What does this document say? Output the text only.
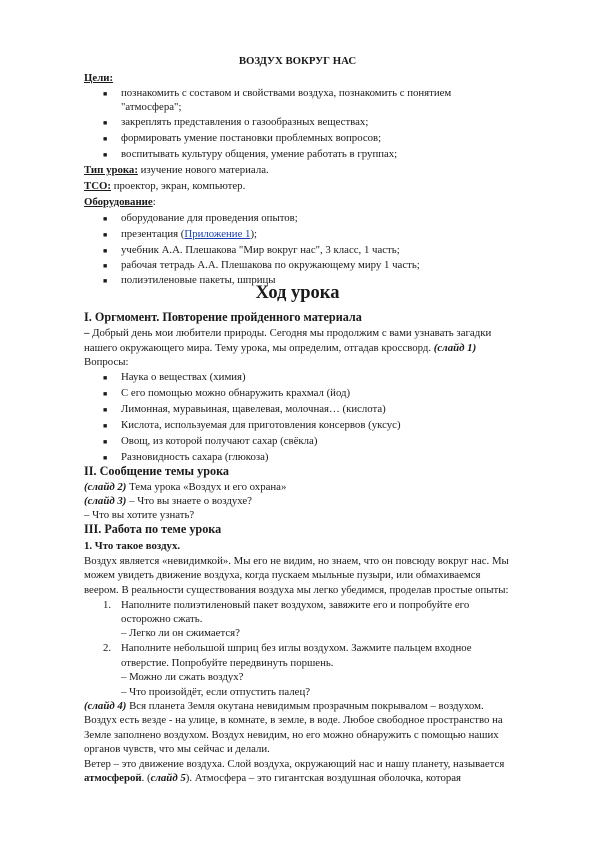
ВОЗДУХ ВОКРУГ НАС
Цели:
■ познакомить с составом и свойствами воздуха, познакомить с понятием
"атмосфера";
■ закреплять представления о газообразных веществах;
■ формировать умение постановки проблемных вопросов;
■ воспитывать культуру общения, умение работать в группах;
Тип урока: изучение нового материала.
ТСО: проектор, экран, компьютер.
Оборудование:
■ оборудование для проведения опытов;
■ презентация (Приложение 1);
■ учебник А.А. Плешакова "Мир вокруг нас", 3 класс, 1 часть;
■ рабочая тетрадь А.А. Плешакова по окружающему миру 1 часть;
■ полиэтиленовые пакеты, шприцы
Ход урока
I. Оргмомент. Повторение пройденного материала
– Добрый день мои любители природы. Сегодня мы продолжим с вами узнавать загадки
нашего окружающего мира. Тему урока, мы определим, отгадав кроссворд. (слайд 1)
Вопросы:
■ Наука о веществах (химия)
■ С его помощью можно обнаружить крахмал (йод)
■ Лимонная, муравьиная, щавелевая, молочная… (кислота)
■ Кислота, используемая для приготовления консервов (уксус)
■ Овощ, из которой получают сахар (свёкла)
■ Разновидность сахара (глюкоза)
II. Сообщение темы урока
(слайд 2) Тема урока «Воздух и его охрана»
(слайд 3) – Что вы знаете о воздухе?
– Что вы хотите узнать?
III. Работа по теме урока
1. Что такое воздух.
Воздух является «невидимкой». Мы его не видим, но знаем, что он повсюду вокруг нас. Мы
можем увидеть движение воздуха, когда пускаем мыльные пузыри, или обмахиваемся
веером. В реальности существования воздуха мы легко убедимся, проделав простые опыты:
1. Наполните полиэтиленовый пакет воздухом, завяжите его и попробуйте его
осторожно сжать.
– Легко ли он сжимается?
2. Наполните небольшой шприц без иглы воздухом. Зажмите пальцем входное
отверстие. Попробуйте передвинуть поршень.
– Можно ли сжать воздух?
– Что произойдёт, если отпустить палец?
(слайд 4) Вся планета Земля окутана невидимым прозрачным покрывалом – воздухом.
Воздух есть везде - на улице, в комнате, в земле, в воде. Любое свободное пространство на
Земле заполнено воздухом. Воздух невидим, но его можно обнаружить с помощью наших
органов чувств, что мы сейчас и делали.
Ветер – это движение воздуха. Слой воздуха, окружающий нас и нашу планету, называется
атмосферой. (слайд 5). Атмосфера – это гигантская воздушная оболочка, которая
